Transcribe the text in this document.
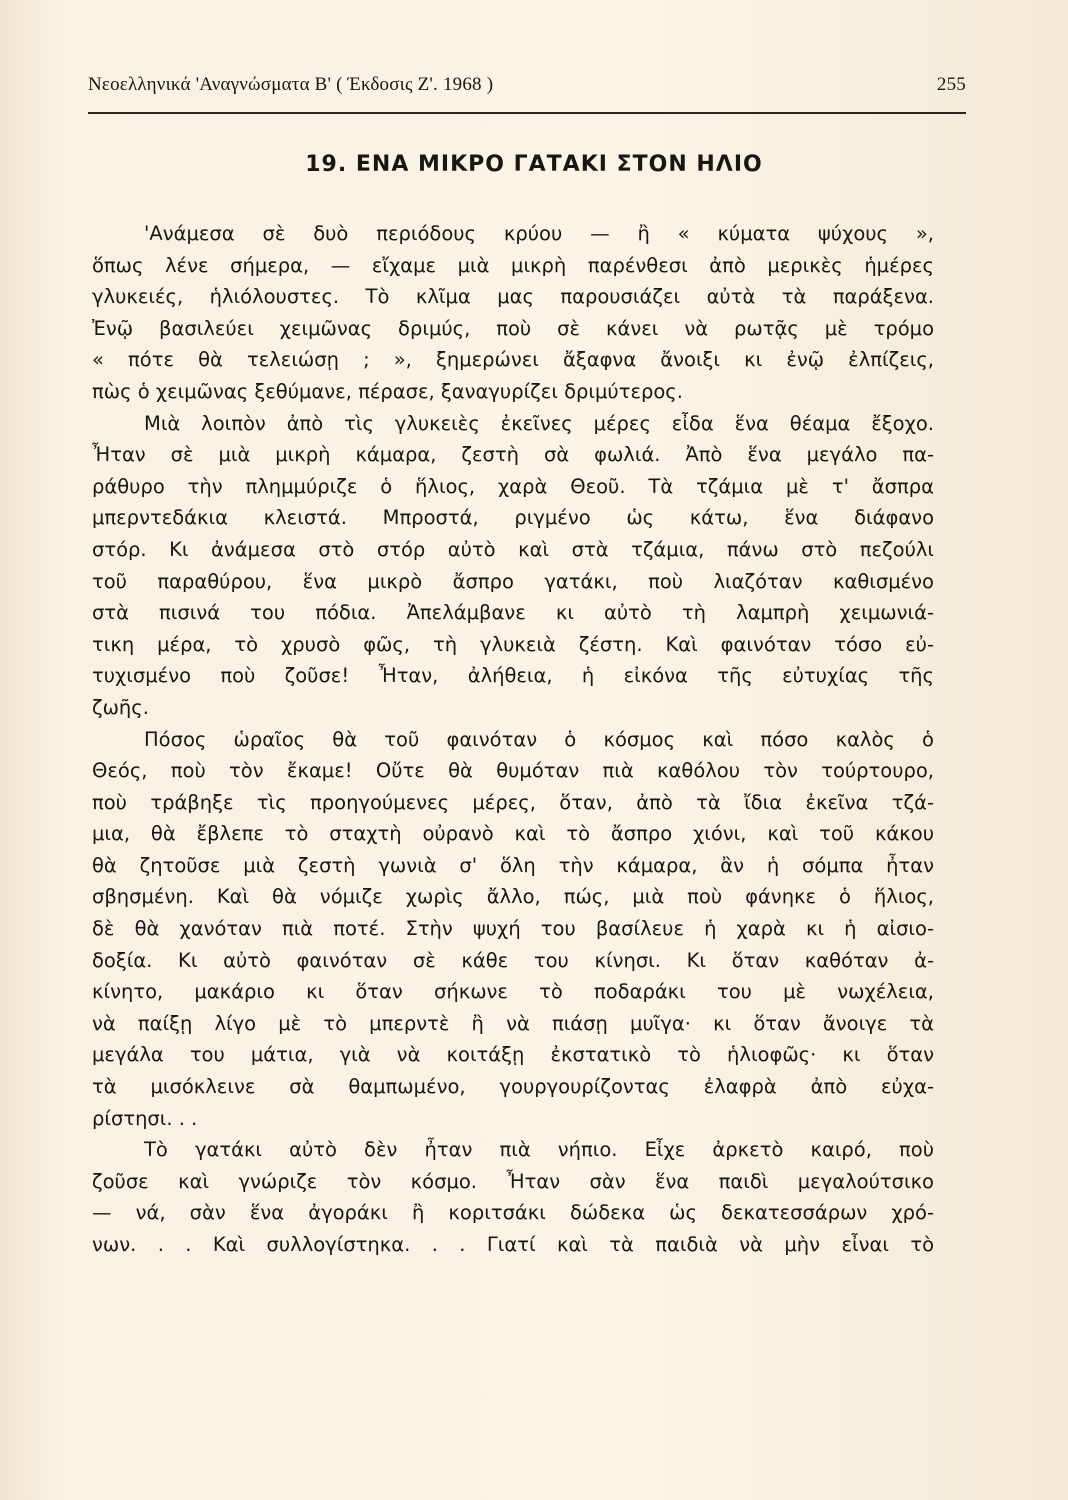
Νεοελληνικά 'Αναγνώσματα Β' ( Έκδοσις Ζ'. 1968 )	255
19. ΕΝΑ ΜΙΚΡΟ ΓΑΤΑΚΙ ΣΤΟΝ ΗΛΙΟ
'Ανάμεσα σὲ δυὸ περιόδους κρύου — ἢ « κύματα ψύχους »,
ὅπως λένε σήμερα, — εἴχαμε μιὰ μικρὴ παρένθεσι ἀπὸ μερικὲς ἡμέρες
γλυκειές, ἡλιόλουστες. Τὸ κλῖμα μας παρουσιάζει αὐτὰ τὰ παράξενα.
Ἐνῷ βασιλεύει χειμῶνας δριμύς, ποὺ σὲ κάνει νὰ ρωτᾷς μὲ τρόμο
« πότε θὰ τελειώσῃ ; », ξημερώνει ἄξαφνα ἄνοιξι κι ἐνῷ ἐλπίζεις,
πὼς ὁ χειμῶνας ξεθύμανε, πέρασε, ξαναγυρίζει δριμύτερος.
Μιὰ λοιπὸν ἀπὸ τὶς γλυκειὲς ἐκεῖνες μέρες εἶδα ἕνα θέαμα ἔξοχο.
Ἦταν σὲ μιὰ μικρὴ κάμαρα, ζεστὴ σὰ φωλιά. Ἀπὸ ἕνα μεγάλο πα-
ράθυρο τὴν πλημμύριζε ὁ ἥλιος, χαρὰ Θεοῦ. Τὰ τζάμια μὲ τ' ἄσπρα
μπερντεδάκια κλειστά. Μπροστά, ριγμένο ὡς κάτω, ἕνα διάφανο
στόρ. Κι ἀνάμεσα στὸ στόρ αὐτὸ καὶ στὰ τζάμια, πάνω στὸ πεζούλι
τοῦ παραθύρου, ἕνα μικρὸ ἄσπρο γατάκι, ποὺ λιαζόταν καθισμένο
στὰ πισινά του πόδια. Ἀπελάμβανε κι αὐτὸ τὴ λαμπρὴ χειμωνιά-
τικη μέρα, τὸ χρυσὸ φῶς, τὴ γλυκειὰ ζέστη. Καὶ φαινόταν τόσο εὐ-
τυχισμένο ποὺ ζοῦσε! Ἦταν, ἀλήθεια, ἡ εἰκόνα τῆς εὐτυχίας τῆς
ζωῆς.
Πόσος ὡραῖος θὰ τοῦ φαινόταν ὁ κόσμος καὶ πόσο καλὸς ὁ
Θεός, ποὺ τὸν ἔκαμε! Οὔτε θὰ θυμόταν πιὰ καθόλου τὸν τούρτουρο,
ποὺ τράβηξε τὶς προηγούμενες μέρες, ὅταν, ἀπὸ τὰ ἴδια ἐκεῖνα τζά-
μια, θὰ ἔβλεπε τὸ σταχτὴ οὐρανὸ καὶ τὸ ἄσπρο χιόνι, καὶ τοῦ κάκου
θὰ ζητοῦσε μιὰ ζεστὴ γωνιὰ σ' ὅλη τὴν κάμαρα, ἂν ἡ σόμπα ἦταν
σβησμένη. Καὶ θὰ νόμιζε χωρὶς ἄλλο, πώς, μιὰ ποὺ φάνηκε ὁ ἥλιος,
δὲ θὰ χανόταν πιὰ ποτέ. Στὴν ψυχή του βασίλευε ἡ χαρὰ κι ἡ αἰσιο-
δοξία. Κι αὐτὸ φαινόταν σὲ κάθε του κίνησι. Κι ὅταν καθόταν ἀ-
κίνητο, μακάριο κι ὅταν σήκωνε τὸ ποδαράκι του μὲ νωχέλεια,
νὰ παίξῃ λίγο μὲ τὸ μπερντὲ ἢ νὰ πιάσῃ μυῖγα· κι ὅταν ἄνοιγε τὰ
μεγάλα του μάτια, γιὰ νὰ κοιτάξῃ ἐκστατικὸ τὸ ἡλιοφῶς· κι ὅταν
τὰ μισόκλεινε σὰ θαμπωμένο, γουργουρίζοντας ἐλαφρὰ ἀπὸ εὐχα-
ρίστησι. . .
Τὸ γατάκι αὐτὸ δὲν ἦταν πιὰ νήπιο. Εἶχε ἀρκετὸ καιρό, ποὺ
ζοῦσε καὶ γνώριζε τὸν κόσμο. Ἦταν σὰν ἕνα παιδὶ μεγαλούτσικο
— νά, σὰν ἕνα ἀγοράκι ἢ κοριτσάκι δώδεκα ὡς δεκατεσσάρων χρό-
νων. . . Καὶ συλλογίστηκα. . . Γιατί καὶ τὰ παιδιὰ νὰ μὴν εἶναι τὸ
